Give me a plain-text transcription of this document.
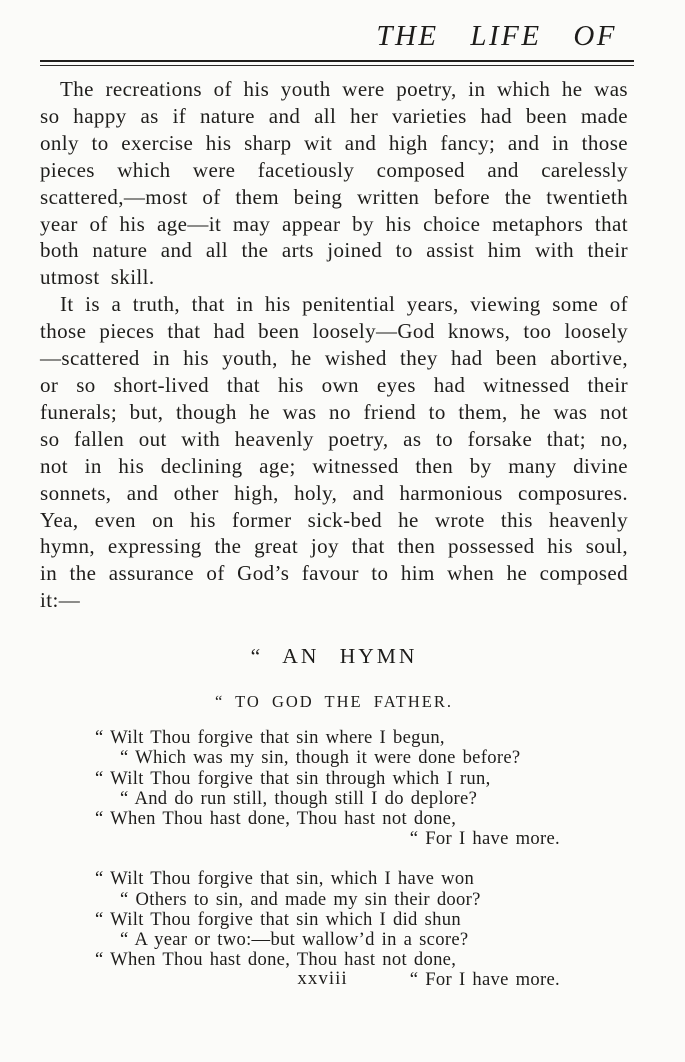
THE LIFE OF

The recreations of his youth were poetry, in which he was so happy as if nature and all her varieties had been made only to exercise his sharp wit and high fancy; and in those pieces which were facetiously composed and carelessly scattered,—most of them being written before the twentieth year of his age—it may appear by his choice metaphors that both nature and all the arts joined to assist him with their utmost skill.

It is a truth, that in his penitential years, viewing some of those pieces that had been loosely—God knows, too loosely—scattered in his youth, he wished they had been abortive, or so short-lived that his own eyes had witnessed their funerals; but, though he was no friend to them, he was not so fallen out with heavenly poetry, as to forsake that; no, not in his declining age; witnessed then by many divine sonnets, and other high, holy, and harmonious composures. Yea, even on his former sick-bed he wrote this heavenly hymn, expressing the great joy that then possessed his soul, in the assurance of God’s favour to him when he composed it:—

“ AN HYMN
“ TO GOD THE FATHER.
“ Wilt Thou forgive that sin where I begun,
“ Which was my sin, though it were done before?
“ Wilt Thou forgive that sin through which I run,
“ And do run still, though still I do deplore?
“ When Thou hast done, Thou hast not done,
“ For I have more.
“ Wilt Thou forgive that sin, which I have won
“ Others to sin, and made my sin their door?
“ Wilt Thou forgive that sin which I did shun
“ A year or two:—but wallow’d in a score?
“ When Thou hast done, Thou hast not done,
“ For I have more.
xxviii
